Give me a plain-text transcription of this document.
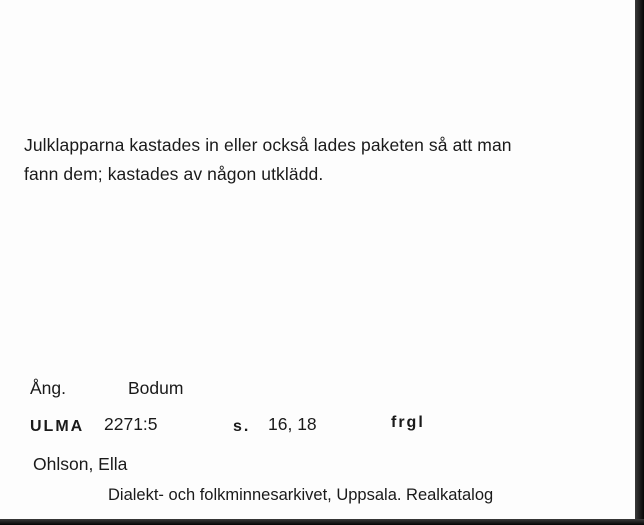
Julklapparna kastades in eller också lades paketen så att man
fann dem; kastades av någon utklädd.
Ång.	Bodum
ULMA 2271:5	s. 16, 18	frgl
Ohlson, Ella
Dialekt- och folkminnesarkivet, Uppsala. Realkatalog
